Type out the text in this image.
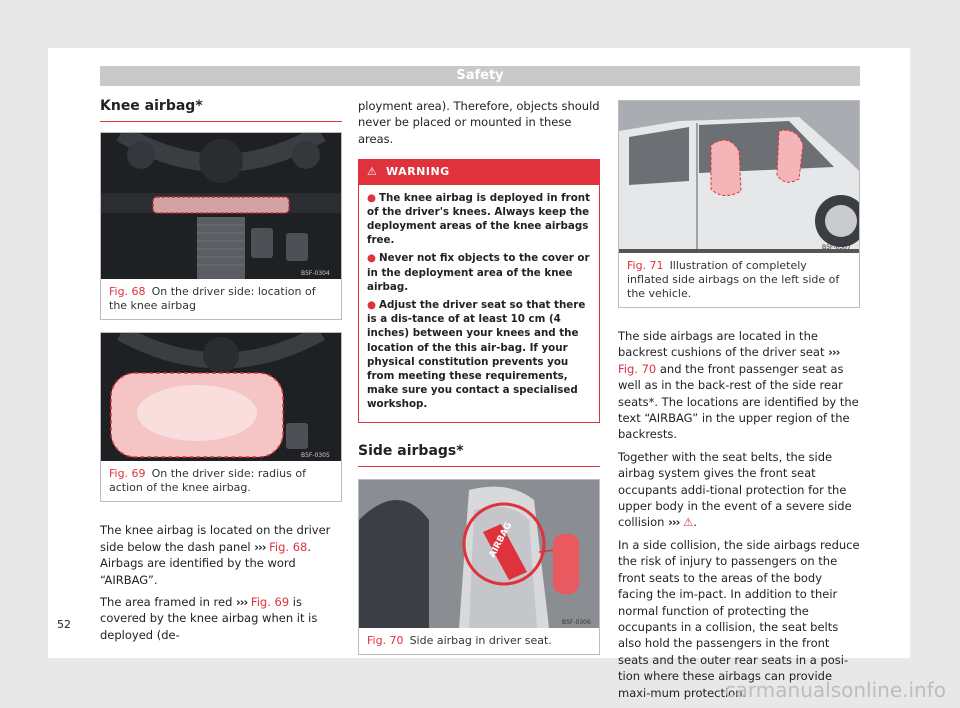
Safety
Knee airbag*
B5F-0304
Fig. 68 On the driver side: location of the knee airbag
B5F-0305
Fig. 69 On the driver side: radius of action of the knee airbag.

The knee airbag is located on the driver side below the dash panel ››› Fig. 68. Airbags are identified by the word “AIRBAG”.

The area framed in red ››› Fig. 69 is covered by the knee airbag when it is deployed (de-

ployment area). Therefore, objects should never be placed or mounted in these areas.

⚠ WARNING
● The knee airbag is deployed in front of the driver's knees. Always keep the deployment areas of the knee airbags free.
● Never not fix objects to the cover or in the deployment area of the knee airbag.
● Adjust the driver seat so that there is a dis-tance of at least 10 cm (4 inches) between your knees and the location of the this air-bag. If your physical constitution prevents you from meeting these requirements, make sure you contact a specialised workshop.
Side airbags*
AIRBAG
B5F-0306
Fig. 70 Side airbag in driver seat.
B5F-0307
Fig. 71 Illustration of completely inflated side airbags on the left side of the vehicle.

The side airbags are located in the backrest cushions of the driver seat ››› Fig. 70 and the front passenger seat as well as in the back-rest of the side rear seats*. The locations are identified by the text “AIRBAG” in the upper region of the backrests.

Together with the seat belts, the side airbag system gives the front seat occupants addi-tional protection for the upper body in the event of a severe side collision ››› ⚠.

In a side collision, the side airbags reduce the risk of injury to passengers on the front seats to the areas of the body facing the im-pact. In addition to their normal function of protecting the occupants in a collision, the seat belts also hold the passengers in the front seats and the outer rear seats in a posi-tion where these airbags can provide maxi-mum protection.

52
carmanualsonline.info
